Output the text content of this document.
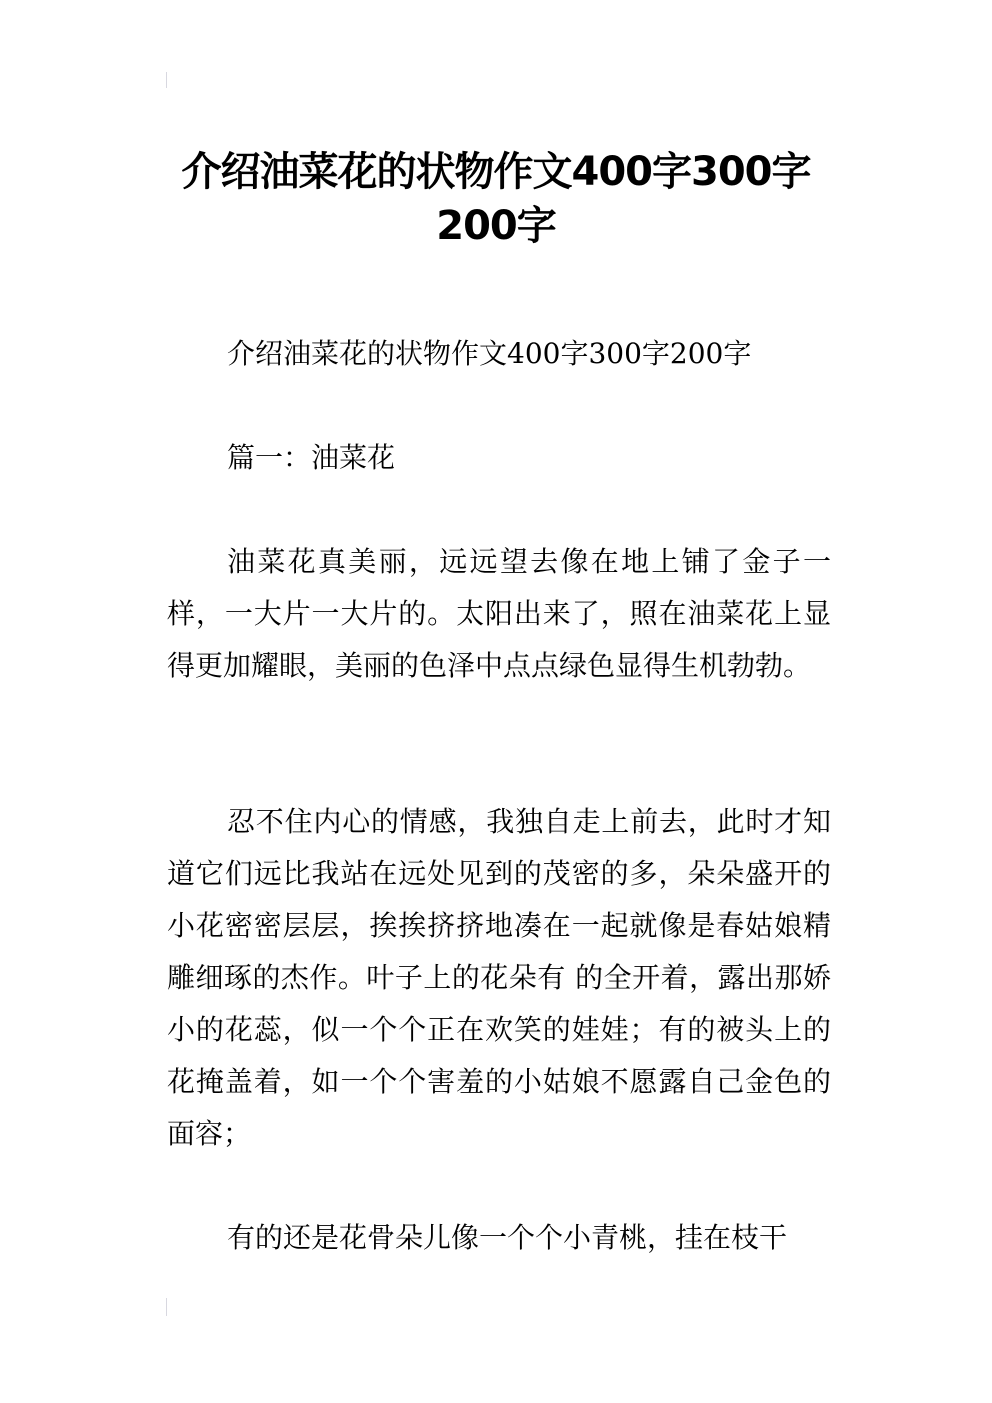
介绍油菜花的状物作文400字300字200字
介绍油菜花的状物作文400字300字200字
篇一：油菜花

油菜花真美丽，远远望去像在地上铺了金子一样，一大片一大片的。太阳出来了，照在油菜花上显得更加耀眼，美丽的色泽中点点绿色显得生机勃勃。

忍不住内心的情感，我独自走上前去，此时才知道它们远比我站在远处见到的茂密的多，朵朵盛开的小花密密层层，挨挨挤挤地凑在一起就像是春姑娘精雕细琢的杰作。叶子上的花朵有 的全开着，露出那娇小的花蕊，似一个个正在欢笑的娃娃；有的被头上的花掩盖着，如一个个害羞的小姑娘不愿露自己金色的面容；

有的还是花骨朵儿像一个个小青桃，挂在枝干
